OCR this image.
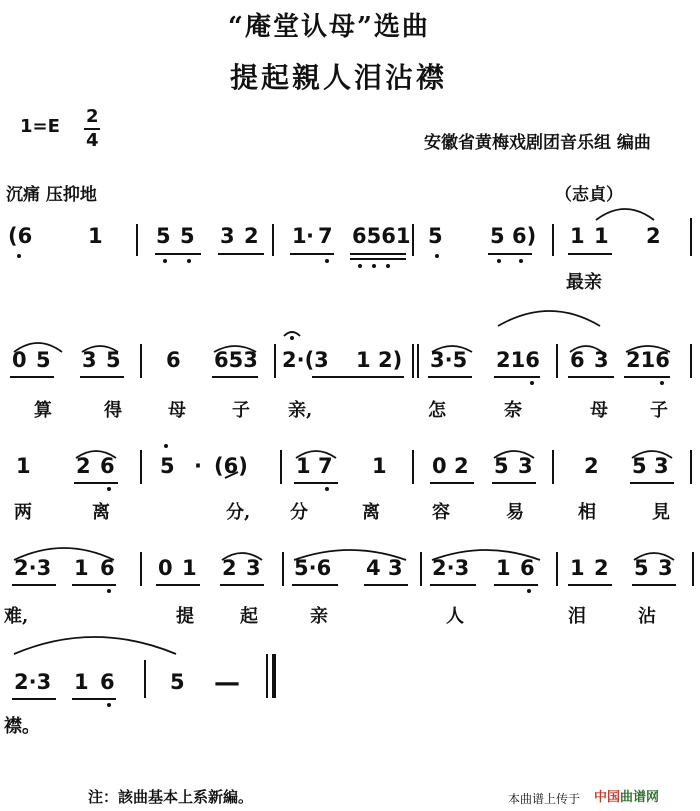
“庵堂认母”选曲
提起親人泪沾襟
1=E 2
4	安徽省黄梅戏剧团音乐组 编曲
沉痛 压抑地	（志貞）
(6	1	5 5 3 2 1 · 7 6561 5 5 6) 1 1 2
最亲
0 5 3 5 6 653 2·(3 1 2) 3·5 216 6 3 216
算	得	母	子 亲,	怎	奈	母 子
1 2 6 5 · (6) 1 7 1 0 2 5 3 2 5 3
两	离	分, 分	离	容	易	相	見
2·3 1 6 0 1 2 3 5·6 4 3 2·3 1 6 1 2 5 3
难,	提	起	亲	人	泪	沾
2·3 1 6	5 —
襟。
注：該曲基本上系新編。	本曲谱上传于 中国曲谱网
